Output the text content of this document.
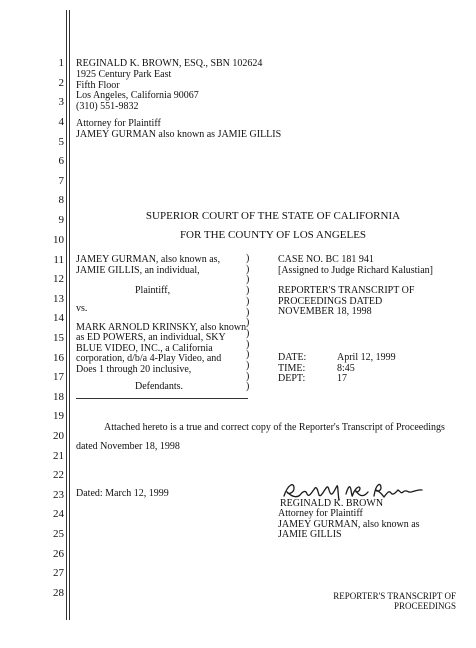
1
2
3
4
5
6
7
8
9
10
11
12
13
14
15
16
17
18
19
20
21
22
23
24
25
26
27
28
REGINALD K. BROWN, ESQ., SBN 102624
1925 Century Park East
Fifth Floor
Los Angeles, California 90067
(310) 551-9832
Attorney for Plaintiff
JAMEY GURMAN also known as JAMIE GILLIS
SUPERIOR COURT OF THE STATE OF CALIFORNIA
FOR THE COUNTY OF LOS ANGELES
JAMEY GURMAN, also known as,
JAMIE GILLIS, an individual,
Plaintiff,
vs.
MARK ARNOLD KRINSKY, also known
as ED POWERS, an individual, SKY
BLUE VIDEO, INC., a California
corporation, d/b/a 4-Play Video, and
Does 1 through 20 inclusive,
Defendants.
)
)
)
)
)
)
)
)
)
)
)
)
)
CASE NO. BC 181 941
[Assigned to Judge Richard Kalustian]
REPORTER'S TRANSCRIPT OF
PROCEEDINGS DATED
NOVEMBER 18, 1998
DATE:	April 12, 1999
TIME:	8:45
DEPT:	17
Attached hereto is a true and correct copy of the Reporter's Transcript of Proceedings
dated November 18, 1998
Dated: March 12, 1999
REGINALD K. BROWN
Attorney for Plaintiff
JAMEY GURMAN, also known as
JAMIE GILLIS
REPORTER'S TRANSCRIPT OF
PROCEEDINGS
